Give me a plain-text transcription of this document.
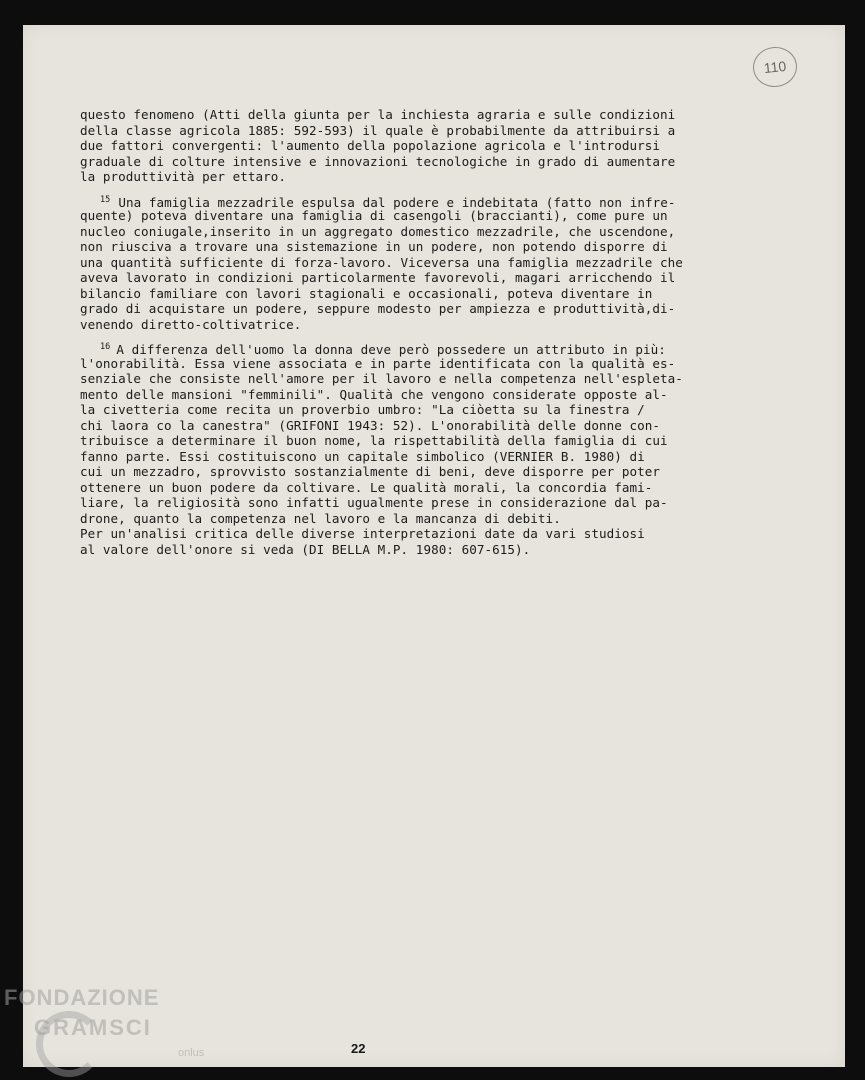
110
questo fenomeno (Atti della giunta per la inchiesta agraria e sulle condizioni
della classe agricola 1885: 592-593) il quale è probabilmente da attribuirsi a
due fattori convergenti: l'aumento della popolazione agricola e l'introdursi
graduale di colture intensive e innovazioni tecnologiche in grado di aumentare
la produttività per ettaro.
$^{15}$ Una famiglia mezzadrile espulsa dal podere e indebitata (fatto non infre-
quente) poteva diventare una famiglia di casengoli (braccianti), come pure un
nucleo coniugale,inserito in un aggregato domestico mezzadrile, che uscendone,
non riusciva a trovare una sistemazione in un podere, non potendo disporre di
una quantità sufficiente di forza-lavoro. Viceversa una famiglia mezzadrile che
aveva lavorato in condizioni particolarmente favorevoli, magari arricchendo il
bilancio familiare con lavori stagionali e occasionali, poteva diventare in
grado di acquistare un podere, seppure modesto per ampiezza e produttività,di-
venendo diretto-coltivatrice.
$^{16}$ A differenza dell'uomo la donna deve però possedere un attributo in più:
l'onorabilità. Essa viene associata e in parte identificata con la qualità es-
senziale che consiste nell'amore per il lavoro e nella competenza nell'espleta-
mento delle mansioni "femminili". Qualità che vengono considerate opposte al-
la civetteria come recita un proverbio umbro: "La ciòetta su la finestra /
chi laora co la canestra" (GRIFONI 1943: 52). L'onorabilità delle donne con-
tribuisce a determinare il buon nome, la rispettabilità della famiglia di cui
fanno parte. Essi costituiscono un capitale simbolico (VERNIER B. 1980) di
cui un mezzadro, sprovvisto sostanzialmente di beni, deve disporre per poter
ottenere un buon podere da coltivare. Le qualità morali, la concordia fami-
liare, la religiosità sono infatti ugualmente prese in considerazione dal pa-
drone, quanto la competenza nel lavoro e la mancanza di debiti.
Per un'analisi critica delle diverse interpretazioni date da vari studiosi
al valore dell'onore si veda (DI BELLA M.P. 1980: 607-615).
22
FONDAZIONE
GRAMSCI
onlus
